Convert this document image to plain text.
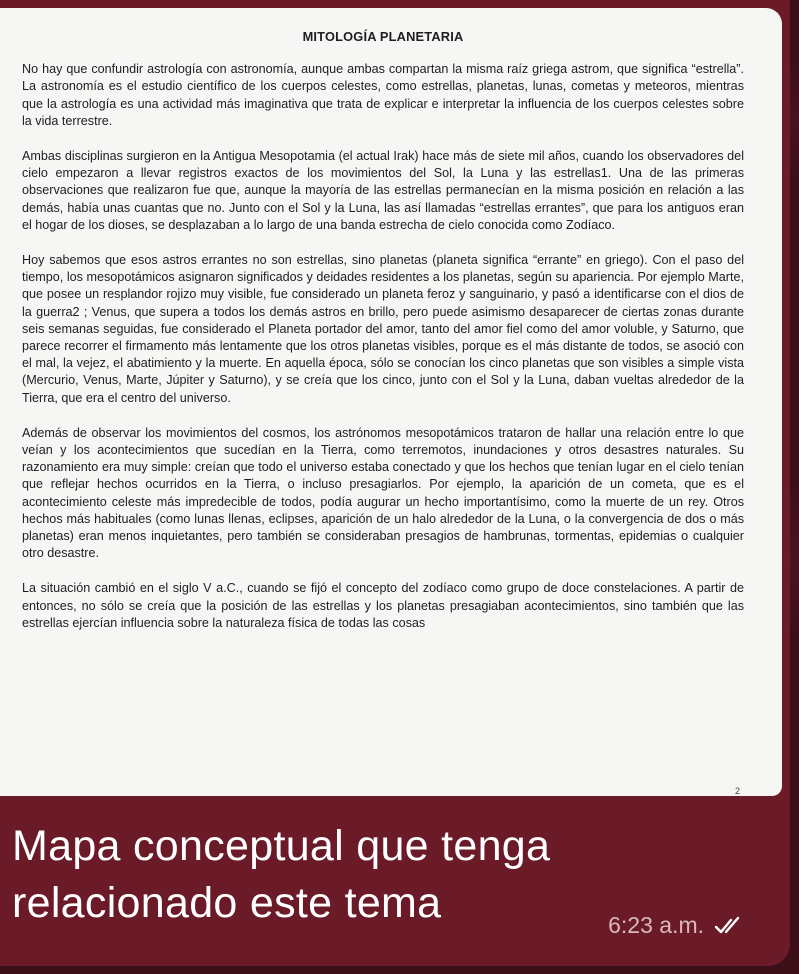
MITOLOGÍA PLANETARIA

No hay que confundir astrología con astronomía, aunque ambas compartan la misma raíz griega astrom, que significa “estrella”. La astronomía es el estudio científico de los cuerpos celestes, como estrellas, planetas, lunas, cometas y meteoros, mientras que la astrología es una actividad más imaginativa que trata de explicar e interpretar la influencia de los cuerpos celestes sobre la vida terrestre.

Ambas disciplinas surgieron en la Antigua Mesopotamia (el actual Irak) hace más de siete mil años, cuando los observadores del cielo empezaron a llevar registros exactos de los movimientos del Sol, la Luna y las estrellas1. Una de las primeras observaciones que realizaron fue que, aunque la mayoría de las estrellas permanecían en la misma posición en relación a las demás, había unas cuantas que no. Junto con el Sol y la Luna, las así llamadas “estrellas errantes”, que para los antiguos eran el hogar de los dioses, se desplazaban a lo largo de una banda estrecha de cielo conocida como Zodíaco.

Hoy sabemos que esos astros errantes no son estrellas, sino planetas (planeta significa “errante” en griego). Con el paso del tiempo, los mesopotámicos asignaron significados y deidades residentes a los planetas, según su apariencia. Por ejemplo Marte, que posee un resplandor rojizo muy visible, fue considerado un planeta feroz y sanguinario, y pasó a identificarse con el dios de la guerra2 ; Venus, que supera a todos los demás astros en brillo, pero puede asimismo desaparecer de ciertas zonas durante seis semanas seguidas, fue considerado el Planeta portador del amor, tanto del amor fiel como del amor voluble, y Saturno, que parece recorrer el firmamento más lentamente que los otros planetas visibles, porque es el más distante de todos, se asoció con el mal, la vejez, el abatimiento y la muerte. En aquella época, sólo se conocían los cinco planetas que son visibles a simple vista (Mercurio, Venus, Marte, Júpiter y Saturno), y se creía que los cinco, junto con el Sol y la Luna, daban vueltas alrededor de la Tierra, que era el centro del universo.

Además de observar los movimientos del cosmos, los astrónomos mesopotámicos trataron de hallar una relación entre lo que veían y los acontecimientos que sucedían en la Tierra, como terremotos, inundaciones y otros desastres naturales. Su razonamiento era muy simple: creían que todo el universo estaba conectado y que los hechos que tenían lugar en el cielo tenían que reflejar hechos ocurridos en la Tierra, o incluso presagiarlos. Por ejemplo, la aparición de un cometa, que es el acontecimiento celeste más impredecible de todos, podía augurar un hecho importantísimo, como la muerte de un rey. Otros hechos más habituales (como lunas llenas, eclipses, aparición de un halo alrededor de la Luna, o la convergencia de dos o más planetas) eran menos inquietantes, pero también se consideraban presagios de hambrunas, tormentas, epidemias o cualquier otro desastre.

La situación cambió en el siglo V a.C., cuando se fijó el concepto del zodíaco como grupo de doce constelaciones. A partir de entonces, no sólo se creía que la posición de las estrellas y los planetas presagiaban acontecimientos, sino también que las estrellas ejercían influencia sobre la naturaleza física de todas las cosas

2
Mapa conceptual que tenga relacionado este tema	6:23 a.m.
